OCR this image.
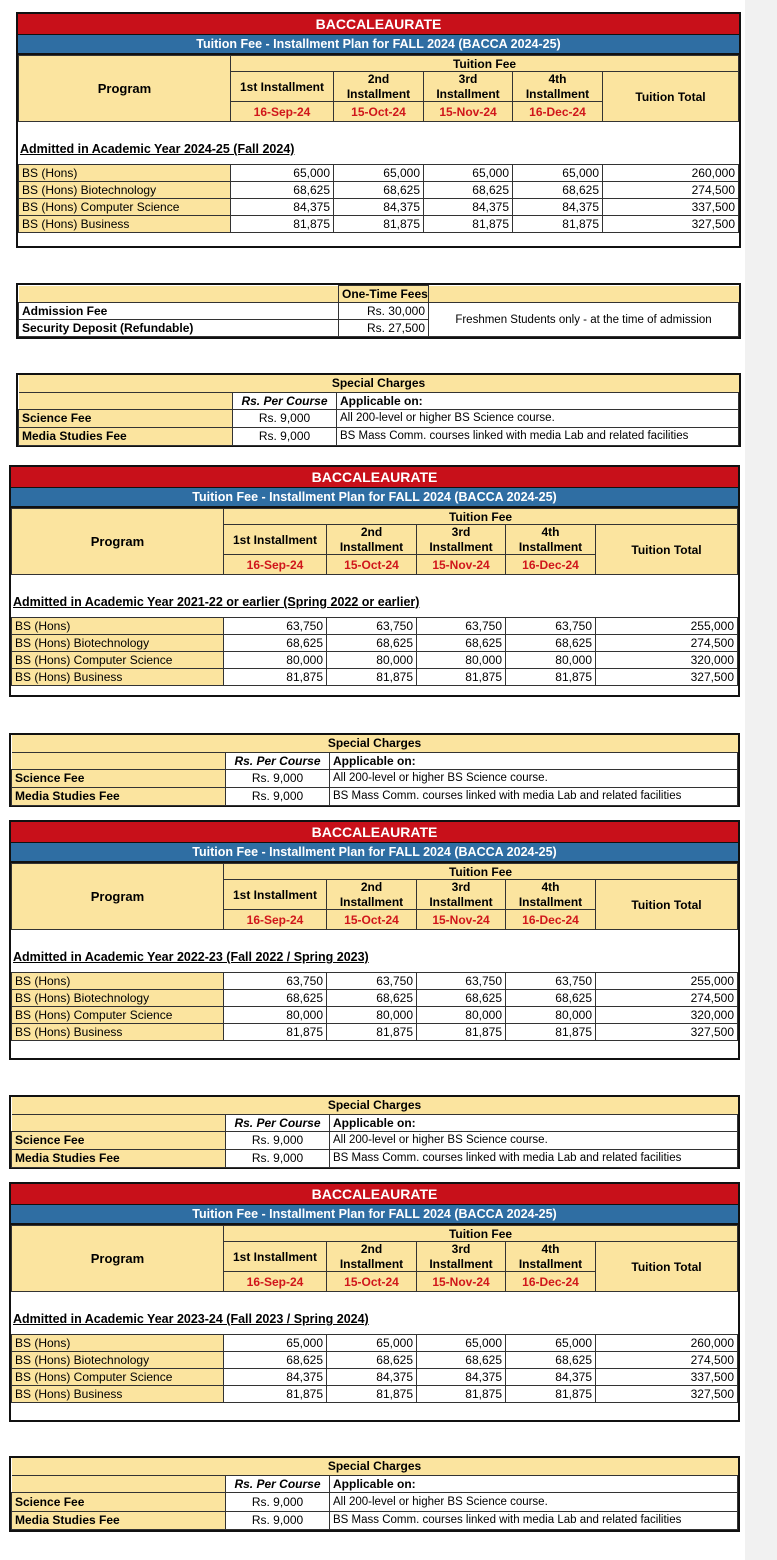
BACCALEAURATE
Tuition Fee - Installment Plan for FALL 2024 (BACCA 2024-25)
Program	Tuition Fee				
	1st Installment	2nd	3rd	4th	Tuition Total
		Installment	Installment	Installment	
	16-Sep-24	15-Oct-24	15-Nov-24	16-Dec-24	
Admitted in Academic Year 2024-25 (Fall 2024)
BS (Hons)	65,000	65,000	65,000	65,000	260,000
BS (Hons) Biotechnology	68,625	68,625	68,625	68,625	274,500
BS (Hons) Computer Science	84,375	84,375	84,375	84,375	337,500
BS (Hons) Business	81,875	81,875	81,875	81,875	327,500
BACCALEAURATE
Tuition Fee - Installment Plan for FALL 2024 (BACCA 2024-25)
Program	Tuition Fee				
	1st Installment	2nd	3rd	4th	Tuition Total
		Installment	Installment	Installment	
	16-Sep-24	15-Oct-24	15-Nov-24	16-Dec-24	
Admitted in Academic Year 2021-22 or earlier (Spring 2022 or earlier)
BS (Hons)	63,750	63,750	63,750	63,750	255,000
BS (Hons) Biotechnology	68,625	68,625	68,625	68,625	274,500
BS (Hons) Computer Science	80,000	80,000	80,000	80,000	320,000
BS (Hons) Business	81,875	81,875	81,875	81,875	327,500
BACCALEAURATE
Tuition Fee - Installment Plan for FALL 2024 (BACCA 2024-25)
Program	Tuition Fee				
	1st Installment	2nd	3rd	4th	Tuition Total
		Installment	Installment	Installment	
	16-Sep-24	15-Oct-24	15-Nov-24	16-Dec-24	
Admitted in Academic Year 2022-23 (Fall 2022 / Spring 2023)
BS (Hons)	63,750	63,750	63,750	63,750	255,000
BS (Hons) Biotechnology	68,625	68,625	68,625	68,625	274,500
BS (Hons) Computer Science	80,000	80,000	80,000	80,000	320,000
BS (Hons) Business	81,875	81,875	81,875	81,875	327,500
BACCALEAURATE
Tuition Fee - Installment Plan for FALL 2024 (BACCA 2024-25)
Program	Tuition Fee				
	1st Installment	2nd	3rd	4th	Tuition Total
		Installment	Installment	Installment	
	16-Sep-24	15-Oct-24	15-Nov-24	16-Dec-24	
Admitted in Academic Year 2023-24 (Fall 2023 / Spring 2024)
BS (Hons)	65,000	65,000	65,000	65,000	260,000
BS (Hons) Biotechnology	68,625	68,625	68,625	68,625	274,500
BS (Hons) Computer Science	84,375	84,375	84,375	84,375	337,500
BS (Hons) Business	81,875	81,875	81,875	81,875	327,500
	One-Time Fees	
Admission Fee	Rs. 30,000	Freshmen Students only - at the time of admission
Security Deposit (Refundable)	Rs. 27,500	
Special Charges		
	Rs. Per Course	Applicable on:
Science Fee	Rs. 9,000	All 200-level or higher BS Science course.
Media Studies Fee	Rs. 9,000	BS Mass Comm. courses linked with media Lab and related facilities
Special Charges		
	Rs. Per Course	Applicable on:
Science Fee	Rs. 9,000	All 200-level or higher BS Science course.
Media Studies Fee	Rs. 9,000	BS Mass Comm. courses linked with media Lab and related facilities
Special Charges		
	Rs. Per Course	Applicable on:
Science Fee	Rs. 9,000	All 200-level or higher BS Science course.
Media Studies Fee	Rs. 9,000	BS Mass Comm. courses linked with media Lab and related facilities
Special Charges		
	Rs. Per Course	Applicable on:
Science Fee	Rs. 9,000	All 200-level or higher BS Science course.
Media Studies Fee	Rs. 9,000	BS Mass Comm. courses linked with media Lab and related facilities
